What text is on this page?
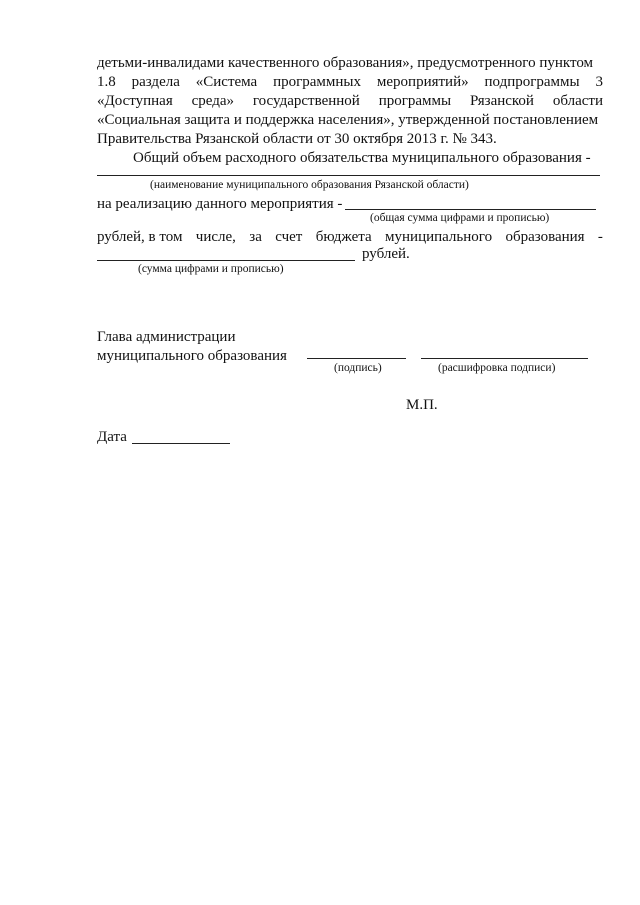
детьми-инвалидами качественного образования», предусмотренного пунктом
1.8 раздела «Система программных мероприятий» подпрограммы 3
«Доступная среда» государственной программы Рязанской области
«Социальная защита и поддержка населения», утвержденной постановлением
Правительства Рязанской области от 30 октября 2013 г. № 343.
Общий объем расходного обязательства муниципального образования -
(наименование муниципального образования Рязанской области)
на реализацию данного мероприятия -
(общая сумма цифрами и прописью)
рублей, в том числе, за счет бюджета муниципального образования -
рублей.
(сумма цифрами и прописью)
Глава администрации
муниципального образования
(подпись)	(расшифровка подписи)
М.П.
Дата
